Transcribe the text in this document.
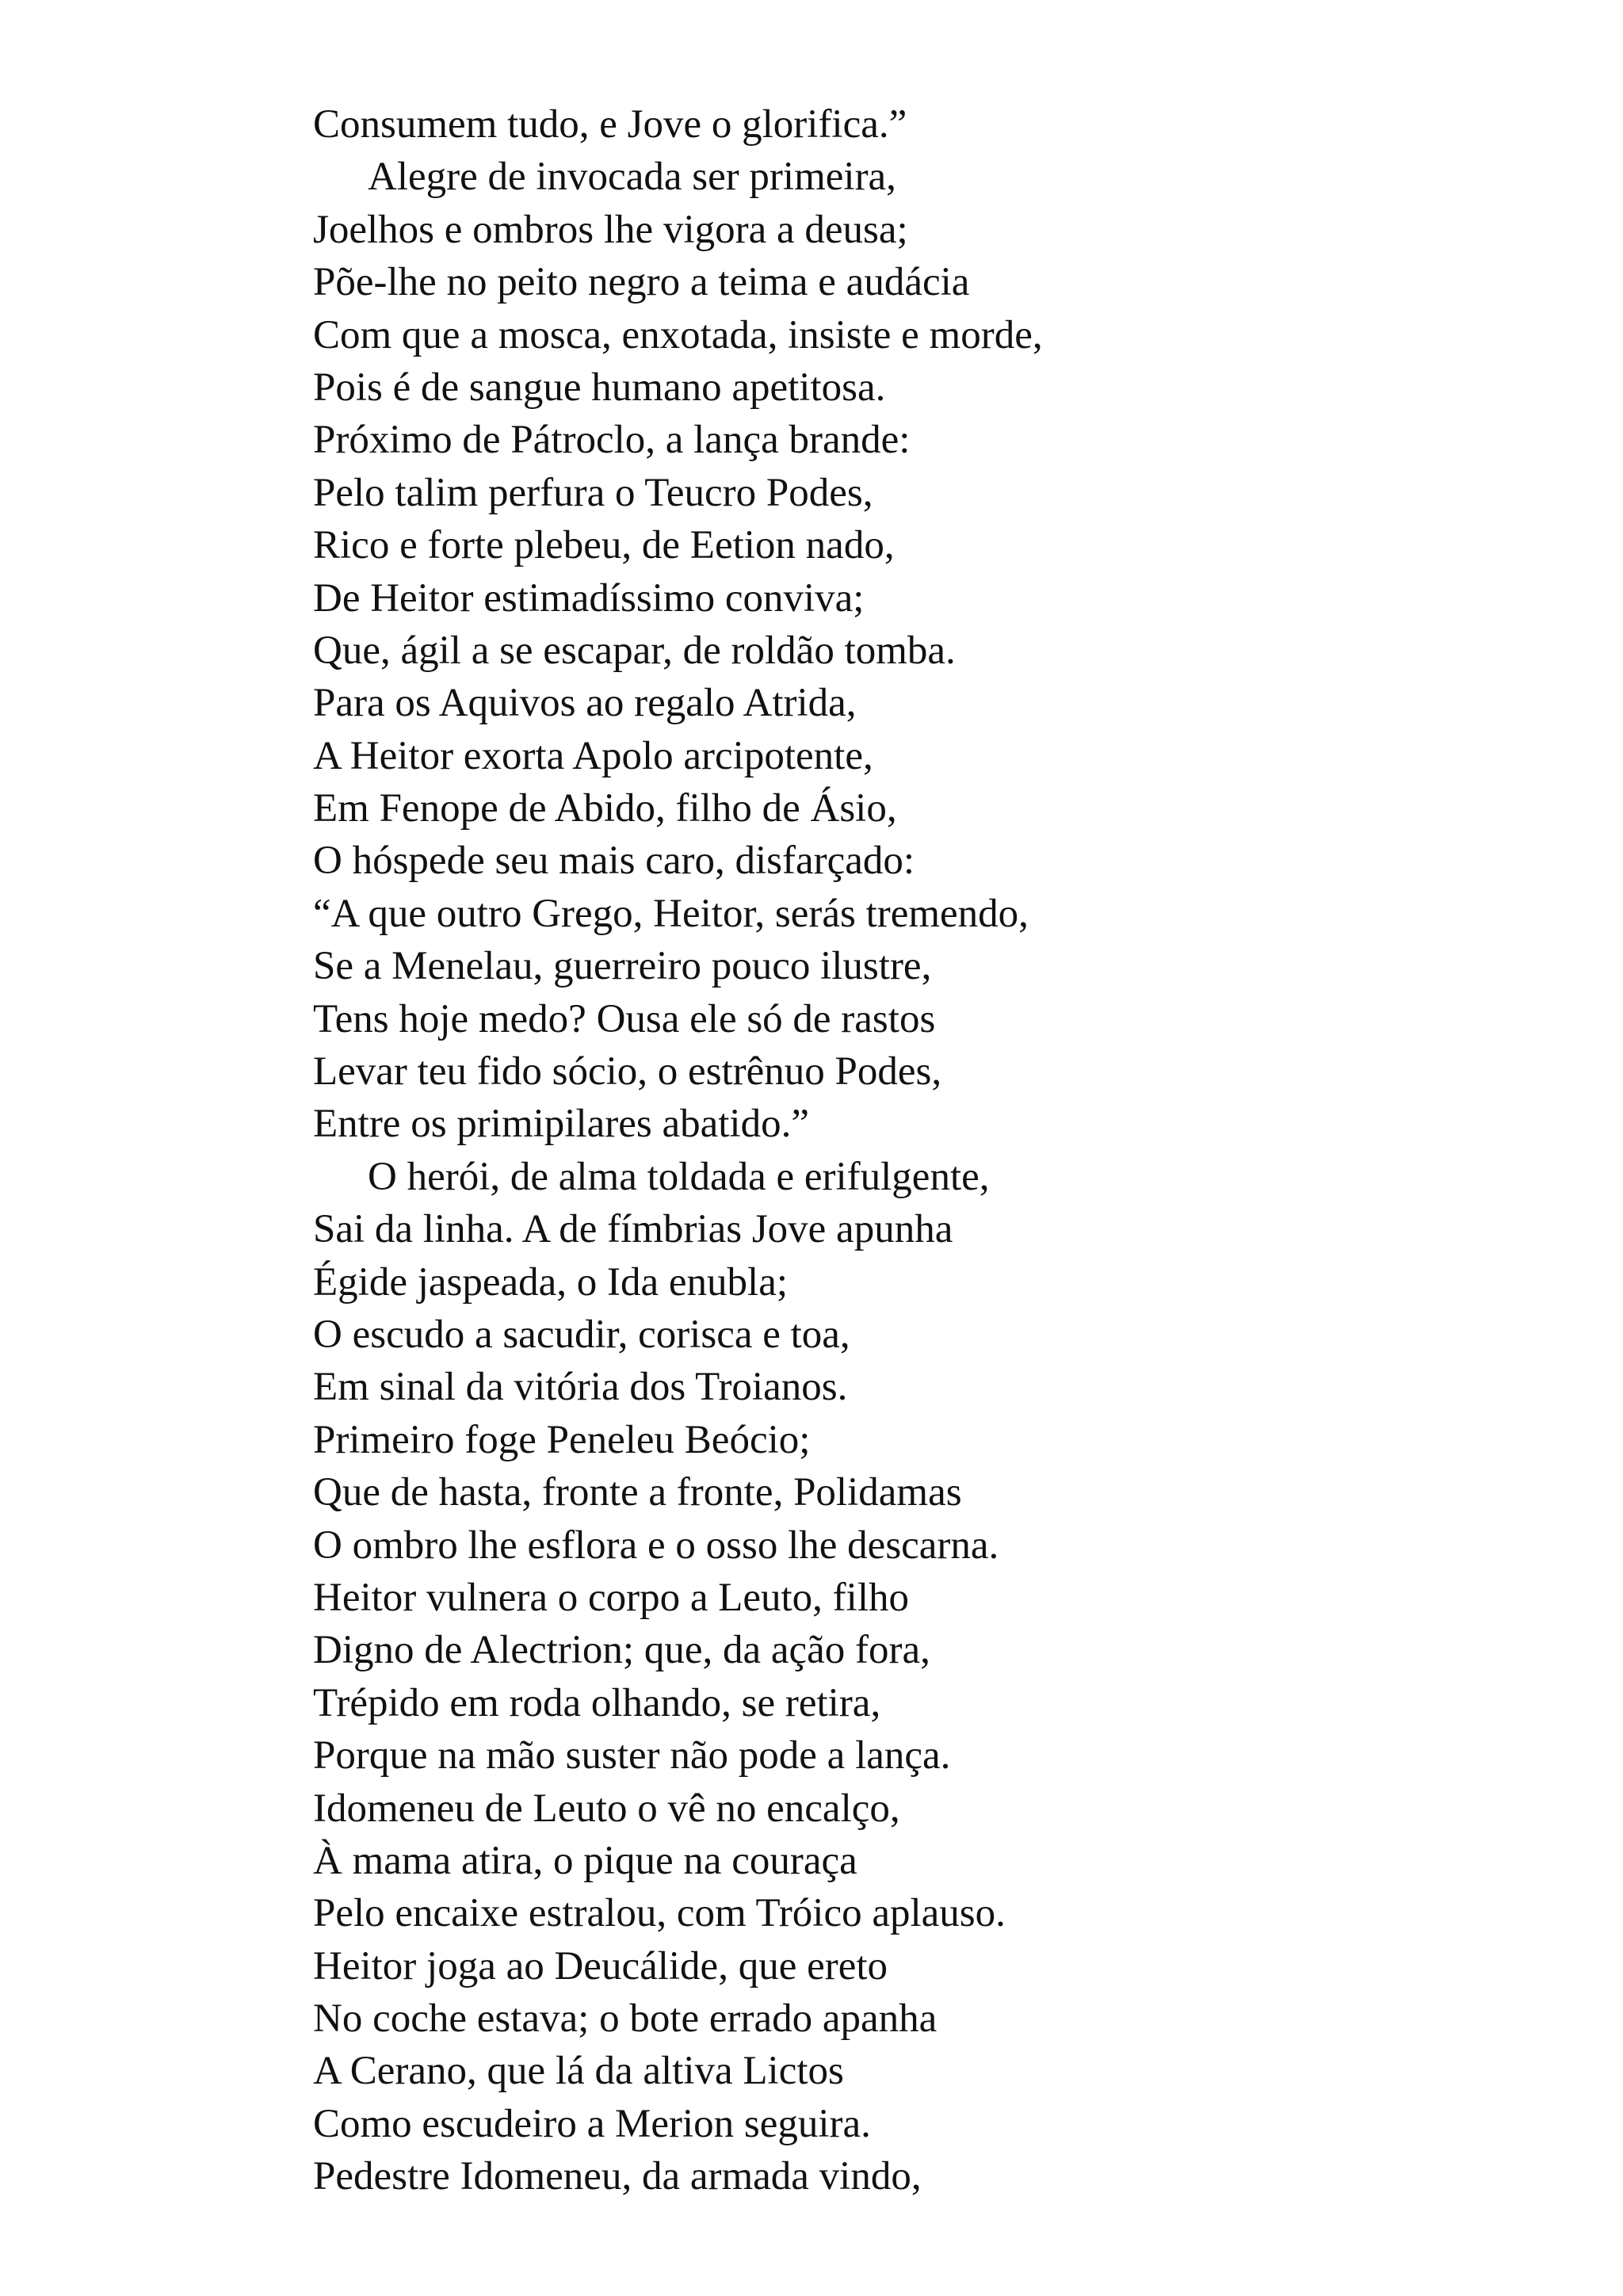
Consumem tudo, e Jove o glorifica.”
Alegre de invocada ser primeira,
Joelhos e ombros lhe vigora a deusa;
Põe-lhe no peito negro a teima e audácia
Com que a mosca, enxotada, insiste e morde,
Pois é de sangue humano apetitosa.
Próximo de Pátroclo, a lança brande:
Pelo talim perfura o Teucro Podes,
Rico e forte plebeu, de Eetion nado,
De Heitor estimadíssimo conviva;
Que, ágil a se escapar, de roldão tomba.
Para os Aquivos ao regalo Atrida,
A Heitor exorta Apolo arcipotente,
Em Fenope de Abido, filho de Ásio,
O hóspede seu mais caro, disfarçado:
“A que outro Grego, Heitor, serás tremendo,
Se a Menelau, guerreiro pouco ilustre,
Tens hoje medo? Ousa ele só de rastos
Levar teu fido sócio, o estrênuo Podes,
Entre os primipilares abatido.”
O herói, de alma toldada e erifulgente,
Sai da linha. A de fímbrias Jove apunha
Égide jaspeada, o Ida enubla;
O escudo a sacudir, corisca e toa,
Em sinal da vitória dos Troianos.
Primeiro foge Peneleu Beócio;
Que de hasta, fronte a fronte, Polidamas
O ombro lhe esflora e o osso lhe descarna.
Heitor vulnera o corpo a Leuto, filho
Digno de Alectrion; que, da ação fora,
Trépido em roda olhando, se retira,
Porque na mão suster não pode a lança.
Idomeneu de Leuto o vê no encalço,
À mama atira, o pique na couraça
Pelo encaixe estralou, com Tróico aplauso.
Heitor joga ao Deucálide, que ereto
No coche estava; o bote errado apanha
A Cerano, que lá da altiva Lictos
Como escudeiro a Merion seguira.
Pedestre Idomeneu, da armada vindo,
